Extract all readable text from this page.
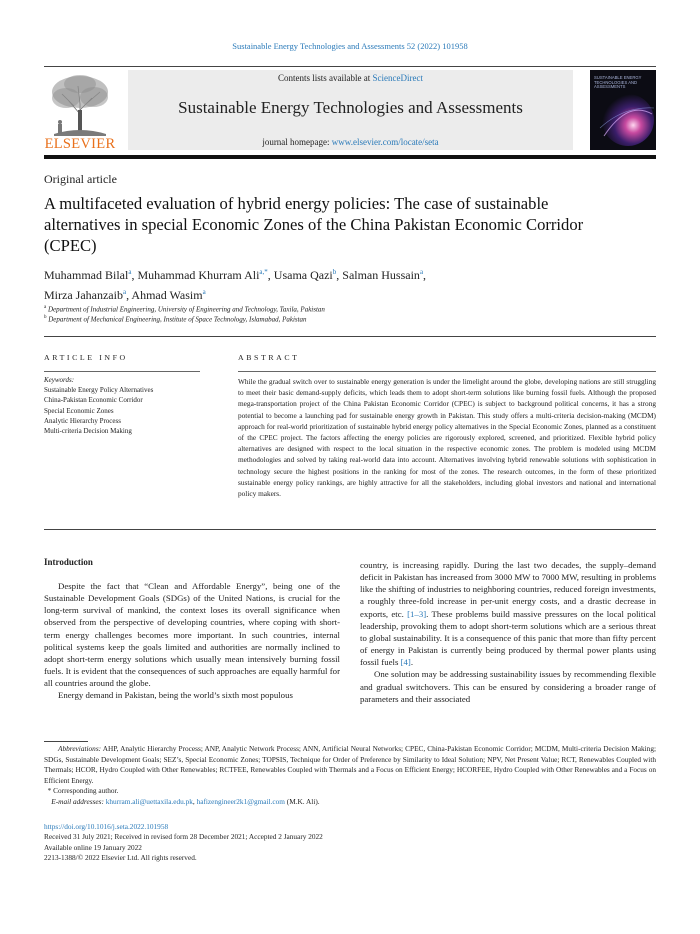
Sustainable Energy Technologies and Assessments 52 (2022) 101958
ELSEVIER
Contents lists available at ScienceDirect
Sustainable Energy Technologies and Assessments
journal homepage: www.elsevier.com/locate/seta
SUSTAINABLE ENERGY TECHNOLOGIES AND ASSESSMENTS
Original article
A multifaceted evaluation of hybrid energy policies: The case of sustainable alternatives in special Economic Zones of the China Pakistan Economic Corridor (CPEC)
Muhammad Bilal$^a$, Muhammad Khurram Ali$^{a,*}$, Usama Qazi$^b$, Salman Hussain$^a$,
Mirza Jahanzaib$^a$, Ahmad Wasim$^a$
$^a$ Department of Industrial Engineering, University of Engineering and Technology, Taxila, Pakistan
$^b$ Department of Mechanical Engineering, Institute of Space Technology, Islamabad, Pakistan
ARTICLE INFO
Keywords:
Sustainable Energy Policy Alternatives
China-Pakistan Economic Corridor
Special Economic Zones
Analytic Hierarchy Process
Multi-criteria Decision Making
ABSTRACT
While the gradual switch over to sustainable energy generation is under the limelight around the globe, developing nations are still struggling to meet their basic demand-supply deficits, which leads them to adopt short-term solutions like burning fossil fuels. Although the proposed mega-transportation project of the China Pakistan Economic Corridor (CPEC) is subject to background political concerns, it has a strong potential to become a launching pad for sustainable energy growth in Pakistan. This study offers a multi-criteria decision-making (MCDM) approach for real-world prioritization of sustainable hybrid energy policy alternatives in the Special Economic Zones, planned as a constituent of the CPEC project. The factors affecting the energy policies are rigorously explored, screened, and prioritized. Flexible hybrid policy alternatives are designed with respect to the local situation in the respective economic zones. The problem is modeled using MCDM methodologies and solved by taking real-world data into account. Alternatives involving hybrid renewable solutions with sophistication in technology secure the highest positions in the ranking for most of the zones. The research outcomes, in the form of these prioritized sustainable energy policy rankings, are highly attractive for all the stakeholders, including global investors and national and international policy makers.
Introduction

Despite the fact that “Clean and Affordable Energy”, being one of the Sustainable Development Goals (SDGs) of the United Nations, is crucial for the long-term survival of mankind, the context loses its overall significance when observed from the perspective of developing countries, where coping with short-term energy challenges becomes more important. In such countries, internal political systems keep the goals limited and authorities are normally inclined to adopt short-term energy solutions which usually mean intensively burning fossil fuels. It is evident that the consequences of such approaches are equally harmful for all countries around the globe.

Energy demand in Pakistan, being the world’s sixth most populous

country, is increasing rapidly. During the last two decades, the supply–demand deficit in Pakistan has increased from 3000 MW to 7000 MW, resulting in problems like the shifting of industries to neighboring countries, reduced foreign investments, a roughly three-fold increase in per-unit energy costs, and a drastic decrease in exports, etc. [1–3]. These problems build massive pressures on the local political leadership, provoking them to adopt short-term solutions which are a serious threat to global sustainability. It is a consequence of this panic that more than fifty percent of energy in Pakistan is currently being produced by thermal power plants using fossil fuels [4].

One solution may be addressing sustainability issues by recommending flexible and gradual switchovers. This can be ensured by considering a broader range of parameters and their associated

Abbreviations: AHP, Analytic Hierarchy Process; ANP, Analytic Network Process; ANN, Artificial Neural Networks; CPEC, China-Pakistan Economic Corridor; MCDM, Multi-criteria Decision Making; SDGs, Sustainable Development Goals; SEZ’s, Special Economic Zones; TOPSIS, Technique for Order of Preference by Similarity to Ideal Solution; NPV, Net Present Value; RCT, Renewables Coupled with Thermals; HCOR, Hydro Coupled with Other Renewables; RCTFEE, Renewables Coupled with Thermals and a Focus on Efficient Energy; HCORFEE, Hydro Coupled with Other Renewables and a Focus on Efficient Energy.

* Corresponding author.

E-mail addresses: khurram.ali@uettaxila.edu.pk, hafizengineer2k1@gmail.com (M.K. Ali).

https://doi.org/10.1016/j.seta.2022.101958
Received 31 July 2021; Received in revised form 28 December 2021; Accepted 2 January 2022
Available online 19 January 2022
2213-1388/© 2022 Elsevier Ltd. All rights reserved.
